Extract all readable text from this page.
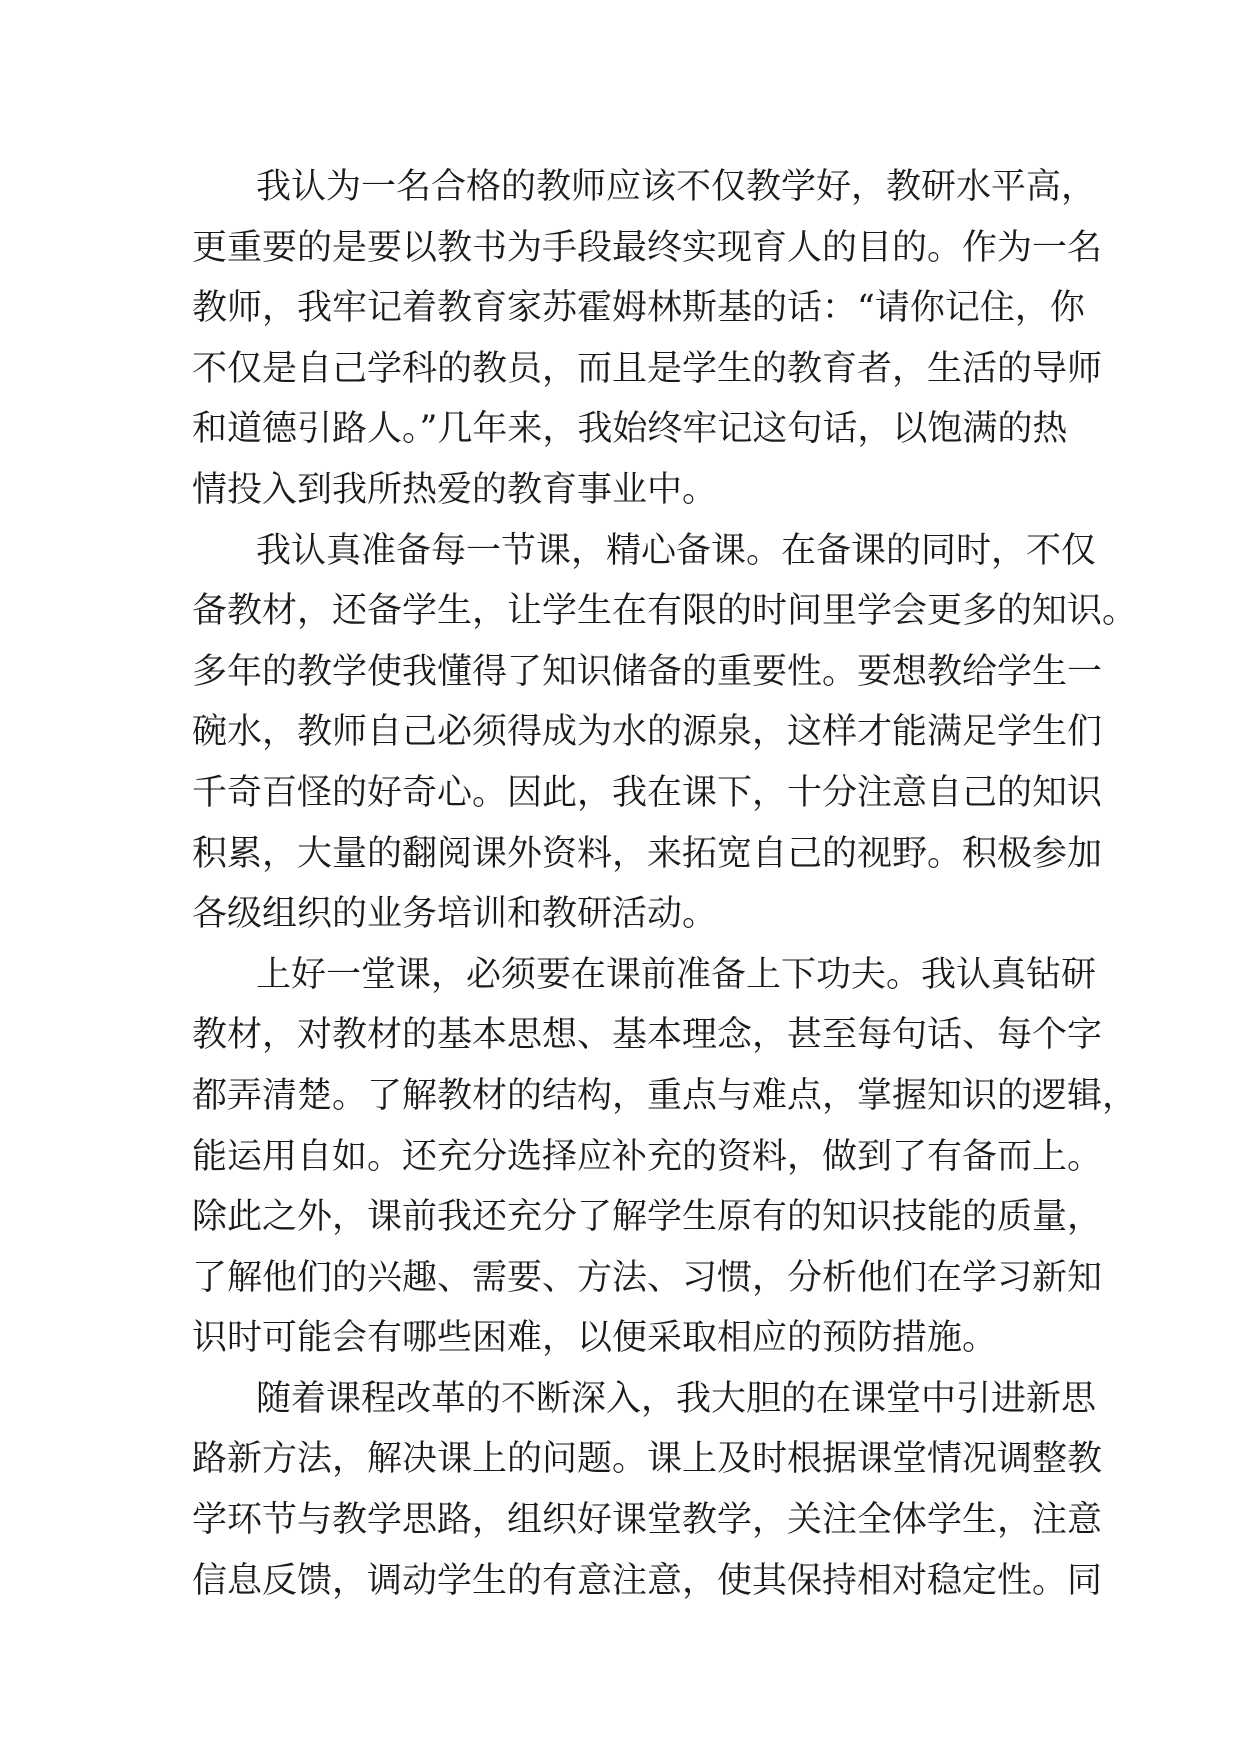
我认为一名合格的教师应该不仅教学好，教研水平高，
更重要的是要以教书为手段最终实现育人的目的。作为一名
教师，我牢记着教育家苏霍姆林斯基的话：“请你记住，你
不仅是自己学科的教员，而且是学生的教育者，生活的导师
和道德引路人。”几年来，我始终牢记这句话，以饱满的热
情投入到我所热爱的教育事业中。
我认真准备每一节课，精心备课。在备课的同时，不仅
备教材，还备学生，让学生在有限的时间里学会更多的知识。
多年的教学使我懂得了知识储备的重要性。要想教给学生一
碗水，教师自己必须得成为水的源泉，这样才能满足学生们
千奇百怪的好奇心。因此，我在课下，十分注意自己的知识
积累，大量的翻阅课外资料，来拓宽自己的视野。积极参加
各级组织的业务培训和教研活动。
上好一堂课，必须要在课前准备上下功夫。我认真钻研
教材，对教材的基本思想、基本理念，甚至每句话、每个字
都弄清楚。了解教材的结构，重点与难点，掌握知识的逻辑，
能运用自如。还充分选择应补充的资料，做到了有备而上。
除此之外，课前我还充分了解学生原有的知识技能的质量，
了解他们的兴趣、需要、方法、习惯，分析他们在学习新知
识时可能会有哪些困难，以便采取相应的预防措施。
随着课程改革的不断深入，我大胆的在课堂中引进新思
路新方法，解决课上的问题。课上及时根据课堂情况调整教
学环节与教学思路，组织好课堂教学，关注全体学生，注意
信息反馈，调动学生的有意注意，使其保持相对稳定性。同
